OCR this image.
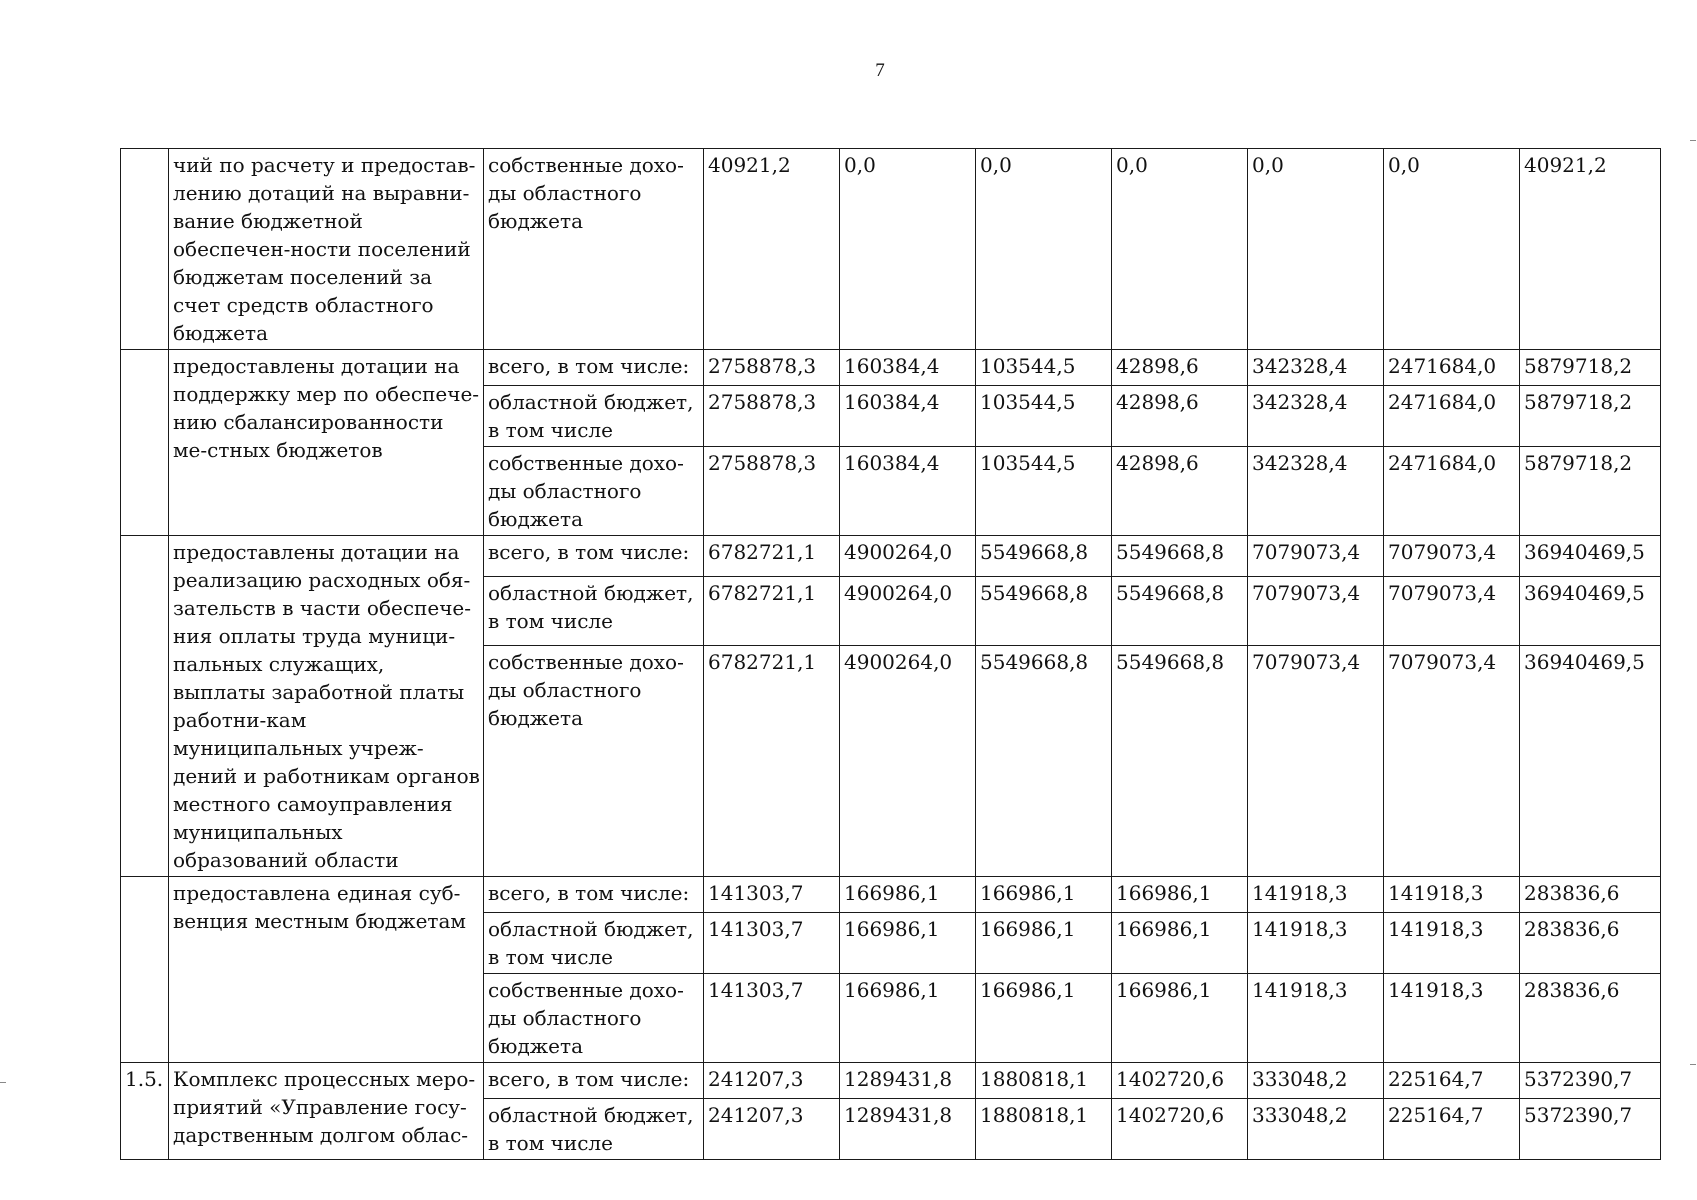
7
	чий по расчету и предостав-лению дотаций на выравни-вание бюджетной обеспечен-ности поселений бюджетам поселений за счет средств областного бюджета	собственные дохо-ды областного бюджета	40921,2	0,0	0,0	0,0	0,0	0,0	40921,2
	предоставлены дотации на поддержку мер по обеспече-нию сбалансированности ме-стных бюджетов	всего, в том числе:	2758878,3	160384,4	103544,5	42898,6	342328,4	2471684,0	5879718,2
		областной бюджет, в том числе	2758878,3	160384,4	103544,5	42898,6	342328,4	2471684,0	5879718,2
		собственные дохо-ды областного бюджета	2758878,3	160384,4	103544,5	42898,6	342328,4	2471684,0	5879718,2
	предоставлены дотации на реализацию расходных обя-зательств в части обеспече-ния оплаты труда муници-пальных служащих, выплаты заработной платы работни-кам муниципальных учреж-дений и работникам органов местного самоуправления муниципальных образований области	всего, в том числе:	6782721,1	4900264,0	5549668,8	5549668,8	7079073,4	7079073,4	36940469,5
		областной бюджет, в том числе	6782721,1	4900264,0	5549668,8	5549668,8	7079073,4	7079073,4	36940469,5
		собственные дохо-ды областного бюджета	6782721,1	4900264,0	5549668,8	5549668,8	7079073,4	7079073,4	36940469,5
	предоставлена единая суб-венция местным бюджетам	всего, в том числе:	141303,7	166986,1	166986,1	166986,1	141918,3	141918,3	283836,6
		областной бюджет, в том числе	141303,7	166986,1	166986,1	166986,1	141918,3	141918,3	283836,6
		собственные дохо-ды областного бюджета	141303,7	166986,1	166986,1	166986,1	141918,3	141918,3	283836,6
1.5.	Комплекс процессных меро-приятий «Управление госу-дарственным долгом облас-	всего, в том числе:	241207,3	1289431,8	1880818,1	1402720,6	333048,2	225164,7	5372390,7
		областной бюджет, в том числе	241207,3	1289431,8	1880818,1	1402720,6	333048,2	225164,7	5372390,7
